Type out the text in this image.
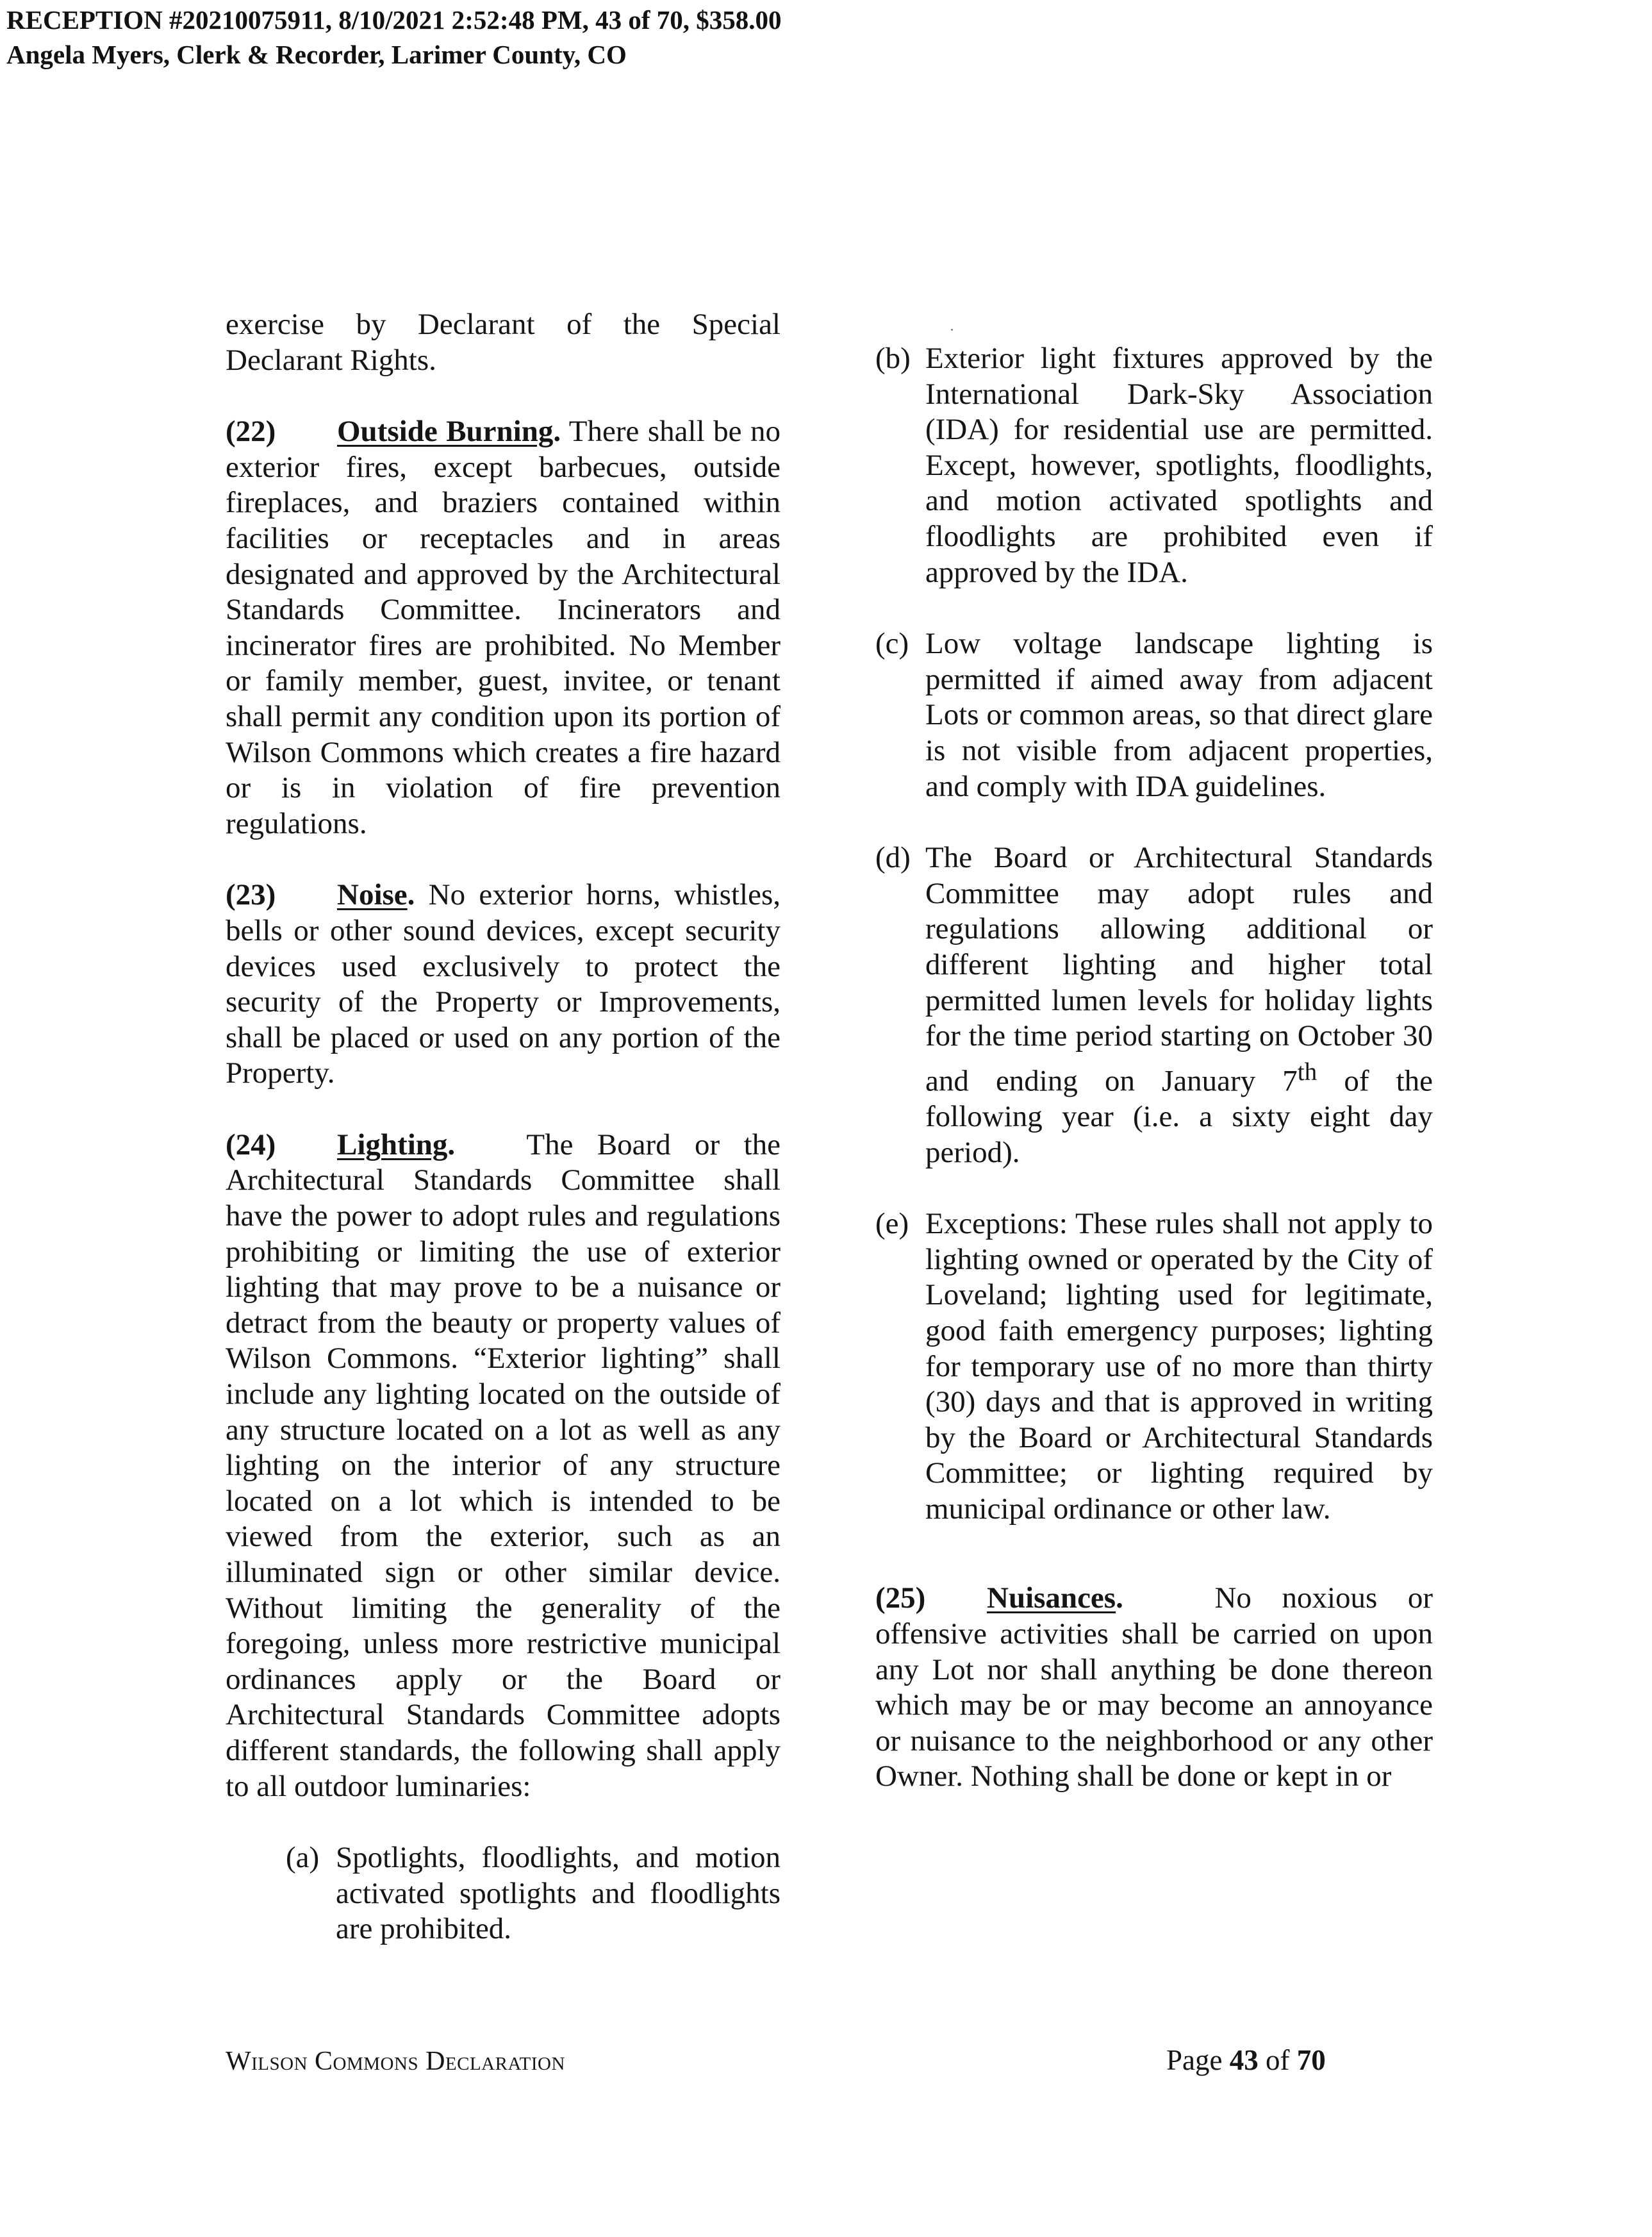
RECEPTION #20210075911, 8/10/2021 2:52:48 PM, 43 of 70, $358.00
Angela Myers, Clerk & Recorder, Larimer County, CO

exercise by Declarant of the Special Declarant Rights.

(22) Outside Burning. There shall be no exterior fires, except barbecues, outside fireplaces, and braziers contained within facilities or receptacles and in areas designated and approved by the Architectural Standards Committee. Incinerators and incinerator fires are prohibited. No Member or family member, guest, invitee, or tenant shall permit any condition upon its portion of Wilson Commons which creates a fire hazard or is in violation of fire prevention regulations.

(23) Noise. No exterior horns, whistles, bells or other sound devices, except security devices used exclusively to protect the security of the Property or Improvements, shall be placed or used on any portion of the Property.

(24) Lighting. The Board or the Architectural Standards Committee shall have the power to adopt rules and regulations prohibiting or limiting the use of exterior lighting that may prove to be a nuisance or detract from the beauty or property values of Wilson Commons. “Exterior lighting” shall include any lighting located on the outside of any structure located on a lot as well as any lighting on the interior of any structure located on a lot which is intended to be viewed from the exterior, such as an illuminated sign or other similar device. Without limiting the generality of the foregoing, unless more restrictive municipal ordinances apply or the Board or Architectural Standards Committee adopts different standards, the following shall apply to all outdoor luminaries:

(a) Spotlights, floodlights, and motion activated spotlights and floodlights are prohibited.
(b) Exterior light fixtures approved by the International Dark-Sky Association (IDA) for residential use are permitted. Except, however, spotlights, floodlights, and motion activated spotlights and floodlights are prohibited even if approved by the IDA.
(c) Low voltage landscape lighting is permitted if aimed away from adjacent Lots or common areas, so that direct glare is not visible from adjacent properties, and comply with IDA guidelines.
(d) The Board or Architectural Standards Committee may adopt rules and regulations allowing additional or different lighting and higher total permitted lumen levels for holiday lights for the time period starting on October 30 and ending on January 7th of the following year (i.e. a sixty eight day period).
(e) Exceptions: These rules shall not apply to lighting owned or operated by the City of Loveland; lighting used for legitimate, good faith emergency purposes; lighting for temporary use of no more than thirty (30) days and that is approved in writing by the Board or Architectural Standards Committee; or lighting required by municipal ordinance or other law.

(25) Nuisances.	No noxious or offensive activities shall be carried on upon any Lot nor shall anything be done thereon which may be or may become an annoyance or nuisance to the neighborhood or any other Owner. Nothing shall be done or kept in or

Wilson Commons Declaration	Page 43 of 70
